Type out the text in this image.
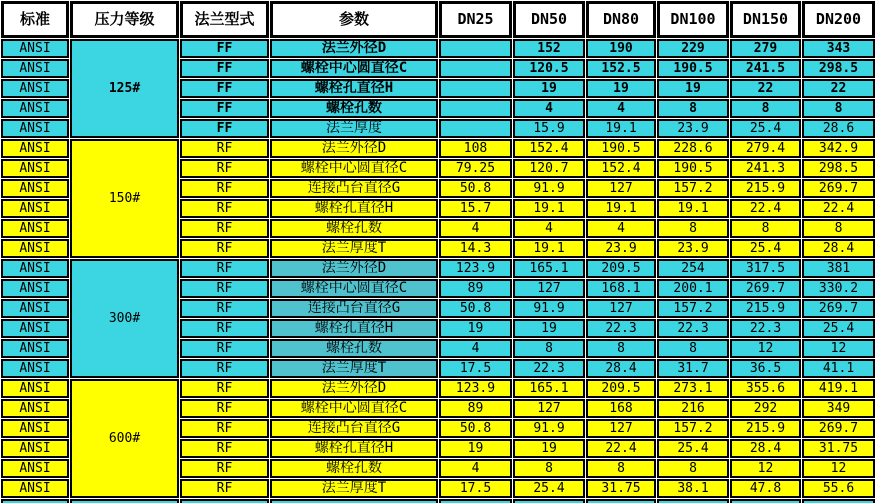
标准	压力等级	法兰型式	参数	DN25	DN50	DN80	DN100	DN150	DN200
ANSI	125#	FF	法兰外径D		152	190	229	279	343
ANSI		FF	螺栓中心圆直径C		120.5	152.5	190.5	241.5	298.5
ANSI		FF	螺栓孔直径H		19	19	19	22	22
ANSI		FF	螺栓孔数		4	4	8	8	8
ANSI		FF	法兰厚度		15.9	19.1	23.9	25.4	28.6
ANSI	150#	RF	法兰外径D	108	152.4	190.5	228.6	279.4	342.9
ANSI		RF	螺栓中心圆直径C	79.25	120.7	152.4	190.5	241.3	298.5
ANSI		RF	连接凸台直径G	50.8	91.9	127	157.2	215.9	269.7
ANSI		RF	螺栓孔直径H	15.7	19.1	19.1	19.1	22.4	22.4
ANSI		RF	螺栓孔数	4	4	4	8	8	8
ANSI		RF	法兰厚度T	14.3	19.1	23.9	23.9	25.4	28.4
ANSI	300#	RF	法兰外径D	123.9	165.1	209.5	254	317.5	381
ANSI		RF	螺栓中心圆直径C	89	127	168.1	200.1	269.7	330.2
ANSI		RF	连接凸台直径G	50.8	91.9	127	157.2	215.9	269.7
ANSI		RF	螺栓孔直径H	19	19	22.3	22.3	22.3	25.4
ANSI		RF	螺栓孔数	4	8	8	8	12	12
ANSI		RF	法兰厚度T	17.5	22.3	28.4	31.7	36.5	41.1
ANSI	600#	RF	法兰外径D	123.9	165.1	209.5	273.1	355.6	419.1
ANSI		RF	螺栓中心圆直径C	89	127	168	216	292	349
ANSI		RF	连接凸台直径G	50.8	91.9	127	157.2	215.9	269.7
ANSI		RF	螺栓孔直径H	19	19	22.4	25.4	28.4	31.75
ANSI		RF	螺栓孔数	4	8	8	8	12	12
ANSI		RF	法兰厚度T	17.5	25.4	31.75	38.1	47.8	55.6
